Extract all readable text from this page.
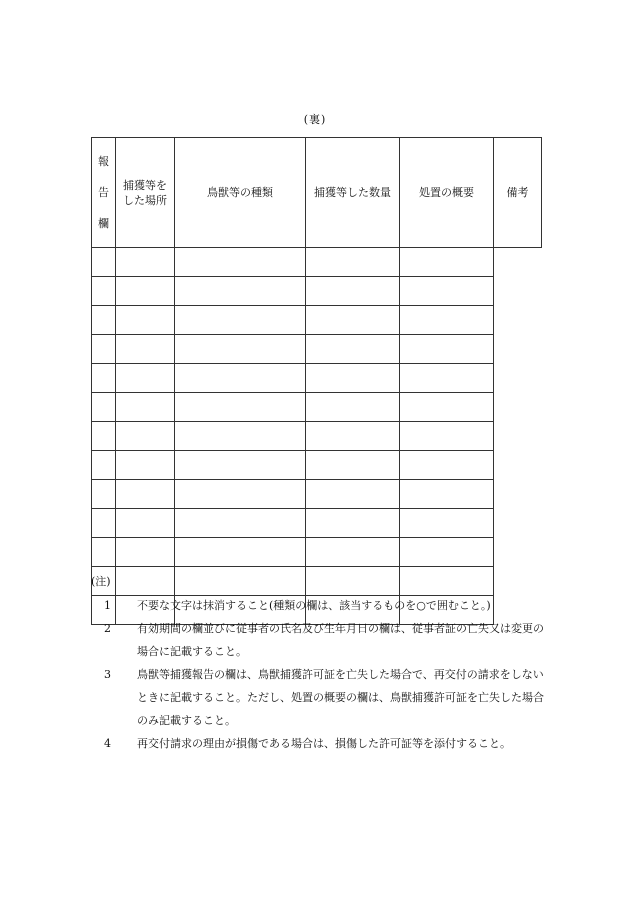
(裏)
報
告
欄	捕獲等をした場所	鳥獣等の種類	捕獲等した数量	処置の概要	備考

(注)
1	不要な文字は抹消すること(種類の欄は、該当するものを○で囲むこと。)
2	有効期間の欄並びに従事者の氏名及び生年月日の欄は、従事者証の亡失又は変更の場合に記載すること。
3	鳥獣等捕獲報告の欄は、鳥獣捕獲許可証を亡失した場合で、再交付の請求をしないときに記載すること。ただし、処置の概要の欄は、鳥獣捕獲許可証を亡失した場合のみ記載すること。
4	再交付請求の理由が損傷である場合は、損傷した許可証等を添付すること。
